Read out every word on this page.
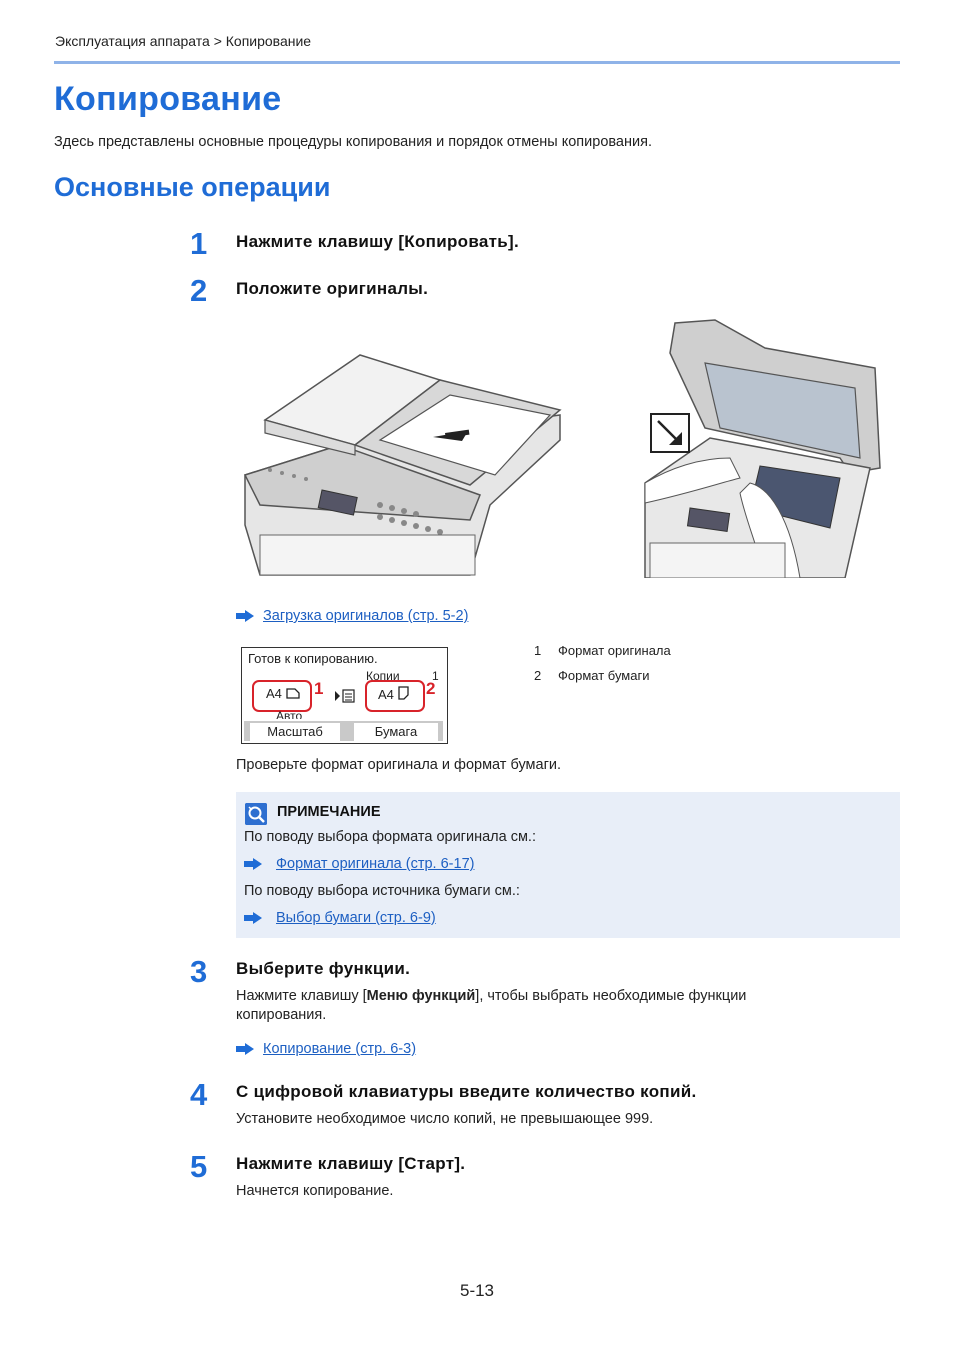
Эксплуатация аппарата > Копирование
Копирование
Здесь представлены основные процедуры копирования и порядок отмены копирования.
Основные операции
1 Нажмите клавишу [Копировать].
2 Положите оригиналы.
Загрузка оригиналов (стр. 5-2)
Готов к копированию.
Копии	1
A4	A4
1	2
Авто
Масштаб	Бумага
1 Формат оригинала
2 Формат бумаги
Проверьте формат оригинала и формат бумаги.
ПРИМЕЧАНИЕ
По поводу выбора формата оригинала см.:
Формат оригинала (стр. 6-17)
По поводу выбора источника бумаги см.:
Выбор бумаги (стр. 6-9)
3 Выберите функции.
Нажмите клавишу [Меню функций], чтобы выбрать необходимые функции
копирования.
Копирование (стр. 6-3)
4 С цифровой клавиатуры введите количество копий.
Установите необходимое число копий, не превышающее 999.
5 Нажмите клавишу [Старт].
Начнется копирование.
5-13
